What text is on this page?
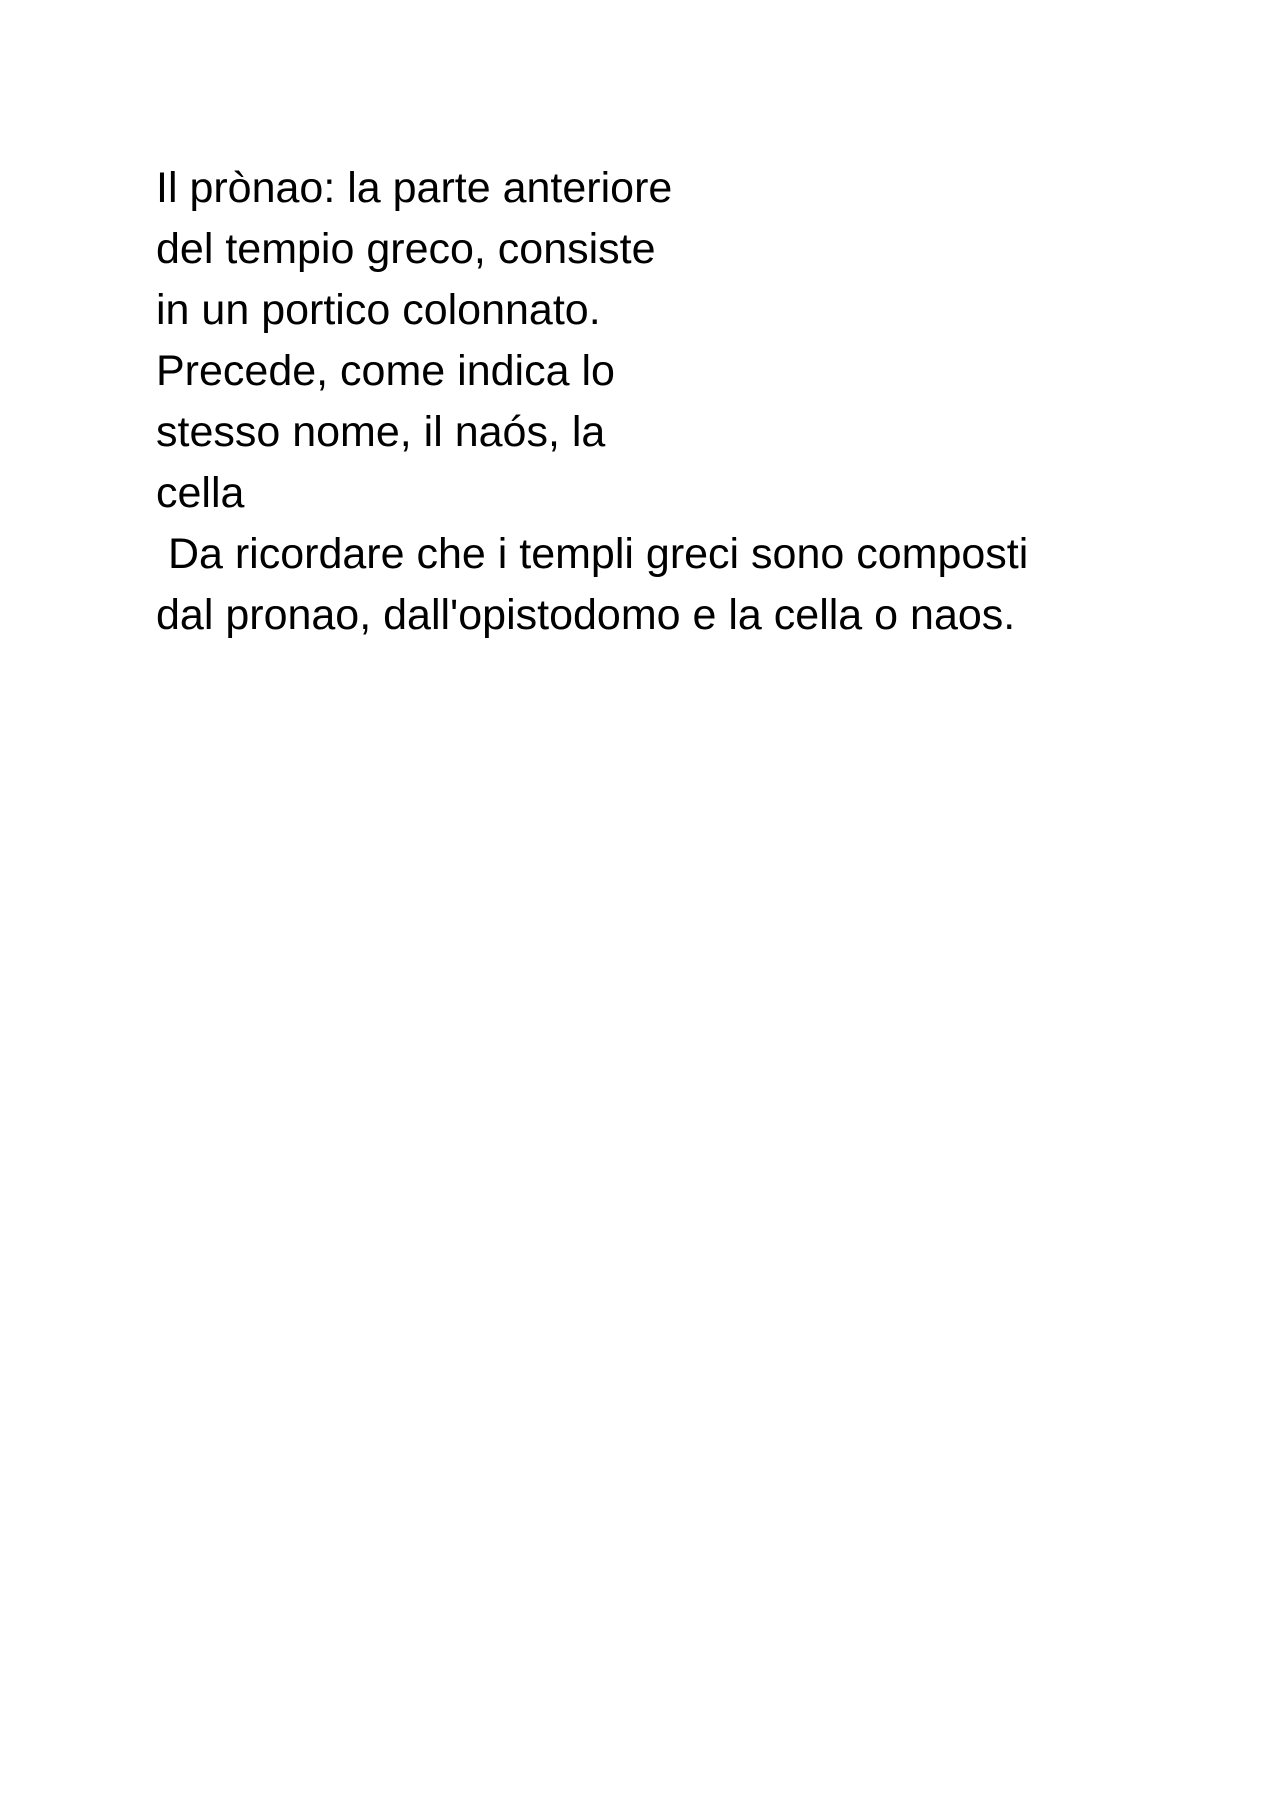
Il prònao: la parte anteriore
del tempio greco, consiste
in un portico colonnato.
Precede, come indica lo
stesso nome, il naós, la
cella
Da ricordare che i templi greci sono composti
dal pronao, dall'opistodomo e la cella o naos.
